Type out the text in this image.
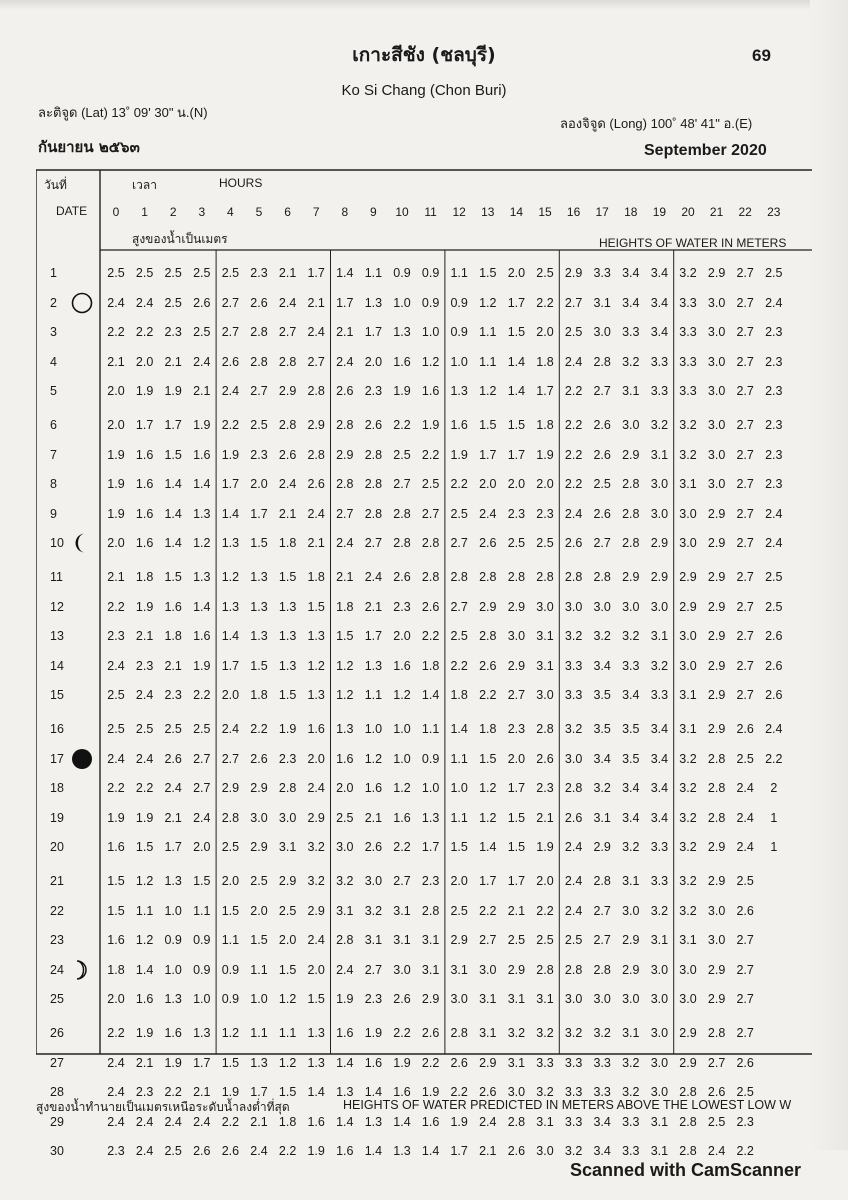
เกาะสีชัง (ชลบุรี)	69
Ko Si Chang (Chon Buri)
ละติจูด (Lat) 13˚ 09' 30" น.(N)
ลองจิจูด (Long) 100˚ 48' 41" อ.(E)
กันยายน ๒๕๖๓	September 2020
วันที่
DATE
เวลา	HOURS
สูงของน้ำเป็นเมตร	HEIGHTS OF WATER IN METERS
0	1	2	3	4	5	6	7	8	9	10	11	12	13	14	15	16	17	18	19	20	21	22	23
1	2.5 2.5 2.5 2.5 2.5 2.3 2.1 1.7 1.4 1.1 0.9 0.9 1.1 1.5 2.0 2.5 2.9 3.3 3.4 3.4 3.2 2.9 2.7 2.5
2	2.4 2.4 2.5 2.6 2.7 2.6 2.4 2.1 1.7 1.3 1.0 0.9 0.9 1.2 1.7 2.2 2.7 3.1 3.4 3.4 3.3 3.0 2.7 2.4
3	2.2 2.2 2.3 2.5 2.7 2.8 2.7 2.4 2.1 1.7 1.3 1.0 0.9 1.1 1.5 2.0 2.5 3.0 3.3 3.4 3.3 3.0 2.7 2.3
4	2.1 2.0 2.1 2.4 2.6 2.8 2.8 2.7 2.4 2.0 1.6 1.2 1.0 1.1 1.4 1.8 2.4 2.8 3.2 3.3 3.3 3.0 2.7 2.3
5	2.0 1.9 1.9 2.1 2.4 2.7 2.9 2.8 2.6 2.3 1.9 1.6 1.3 1.2 1.4 1.7 2.2 2.7 3.1 3.3 3.3 3.0 2.7 2.3
6	2.0 1.7 1.7 1.9 2.2 2.5 2.8 2.9 2.8 2.6 2.2 1.9 1.6 1.5 1.5 1.8 2.2 2.6 3.0 3.2 3.2 3.0 2.7 2.3
7	1.9 1.6 1.5 1.6 1.9 2.3 2.6 2.8 2.9 2.8 2.5 2.2 1.9 1.7 1.7 1.9 2.2 2.6 2.9 3.1 3.2 3.0 2.7 2.3
8	1.9 1.6 1.4 1.4 1.7 2.0 2.4 2.6 2.8 2.8 2.7 2.5 2.2 2.0 2.0 2.0 2.2 2.5 2.8 3.0 3.1 3.0 2.7 2.3
9	1.9 1.6 1.4 1.3 1.4 1.7 2.1 2.4 2.7 2.8 2.8 2.7 2.5 2.4 2.3 2.3 2.4 2.6 2.8 3.0 3.0 2.9 2.7 2.4
10	2.0 1.6 1.4 1.2 1.3 1.5 1.8 2.1 2.4 2.7 2.8 2.8 2.7 2.6 2.5 2.5 2.6 2.7 2.8 2.9 3.0 2.9 2.7 2.4
11	2.1 1.8 1.5 1.3 1.2 1.3 1.5 1.8 2.1 2.4 2.6 2.8 2.8 2.8 2.8 2.8 2.8 2.8 2.9 2.9 2.9 2.9 2.7 2.5
12	2.2 1.9 1.6 1.4 1.3 1.3 1.3 1.5 1.8 2.1 2.3 2.6 2.7 2.9 2.9 3.0 3.0 3.0 3.0 3.0 2.9 2.9 2.7 2.5
13	2.3 2.1 1.8 1.6 1.4 1.3 1.3 1.3 1.5 1.7 2.0 2.2 2.5 2.8 3.0 3.1 3.2 3.2 3.2 3.1 3.0 2.9 2.7 2.6
14	2.4 2.3 2.1 1.9 1.7 1.5 1.3 1.2 1.2 1.3 1.6 1.8 2.2 2.6 2.9 3.1 3.3 3.4 3.3 3.2 3.0 2.9 2.7 2.6
15	2.5 2.4 2.3 2.2 2.0 1.8 1.5 1.3 1.2 1.1 1.2 1.4 1.8 2.2 2.7 3.0 3.3 3.5 3.4 3.3 3.1 2.9 2.7 2.6
16	2.5 2.5 2.5 2.5 2.4 2.2 1.9 1.6 1.3 1.0 1.0 1.1 1.4 1.8 2.3 2.8 3.2 3.5 3.5 3.4 3.1 2.9 2.6 2.4
17	2.4 2.4 2.6 2.7 2.7 2.6 2.3 2.0 1.6 1.2 1.0 0.9 1.1 1.5 2.0 2.6 3.0 3.4 3.5 3.4 3.2 2.8 2.5 2.2
18	2.2 2.2 2.4 2.7 2.9 2.9 2.8 2.4 2.0 1.6 1.2 1.0 1.0 1.2 1.7 2.3 2.8 3.2 3.4 3.4 3.2 2.8 2.4	2
19	1.9 1.9 2.1 2.4 2.8 3.0 3.0 2.9 2.5 2.1 1.6 1.3 1.1 1.2 1.5 2.1 2.6 3.1 3.4 3.4 3.2 2.8 2.4	1
20	1.6 1.5 1.7 2.0 2.5 2.9 3.1 3.2 3.0 2.6 2.2 1.7 1.5 1.4 1.5 1.9 2.4 2.9 3.2 3.3 3.2 2.9 2.4	1
21	1.5 1.2 1.3 1.5 2.0 2.5 2.9 3.2 3.2 3.0 2.7 2.3 2.0 1.7 1.7 2.0 2.4 2.8 3.1 3.3 3.2 2.9 2.5
22	1.5 1.1 1.0 1.1 1.5 2.0 2.5 2.9 3.1 3.2 3.1 2.8 2.5 2.2 2.1 2.2 2.4 2.7 3.0 3.2 3.2 3.0 2.6
23	1.6 1.2 0.9 0.9 1.1 1.5 2.0 2.4 2.8 3.1 3.1 3.1 2.9 2.7 2.5 2.5 2.5 2.7 2.9 3.1 3.1 3.0 2.7
24	1.8 1.4 1.0 0.9 0.9 1.1 1.5 2.0 2.4 2.7 3.0 3.1 3.1 3.0 2.9 2.8 2.8 2.8 2.9 3.0 3.0 2.9 2.7
25	2.0 1.6 1.3 1.0 0.9 1.0 1.2 1.5 1.9 2.3 2.6 2.9 3.0 3.1 3.1 3.1 3.0 3.0 3.0 3.0 3.0 2.9 2.7
26	2.2 1.9 1.6 1.3 1.2 1.1 1.1 1.3 1.6 1.9 2.2 2.6 2.8 3.1 3.2 3.2 3.2 3.2 3.1 3.0 2.9 2.8 2.7
27	2.4 2.1 1.9 1.7 1.5 1.3 1.2 1.3 1.4 1.6 1.9 2.2 2.6 2.9 3.1 3.3 3.3 3.3 3.2 3.0 2.9 2.7 2.6
28	2.4 2.3 2.2 2.1 1.9 1.7 1.5 1.4 1.3 1.4 1.6 1.9 2.2 2.6 3.0 3.2 3.3 3.3 3.2 3.0 2.8 2.6 2.5
29	2.4 2.4 2.4 2.4 2.2 2.1 1.8 1.6 1.4 1.3 1.4 1.6 1.9 2.4 2.8 3.1 3.3 3.4 3.3 3.1 2.8 2.5 2.3
30	2.3 2.4 2.5 2.6 2.6 2.4 2.2 1.9 1.6 1.4 1.3 1.4 1.7 2.1 2.6 3.0 3.2 3.4 3.3 3.1 2.8 2.4 2.2
สูงของน้ำทำนายเป็นเมตรเหนือระดับน้ำลงต่ำที่สุด	HEIGHTS OF WATER PREDICTED IN METERS ABOVE THE LOWEST LOW W
Scanned with CamScanner
